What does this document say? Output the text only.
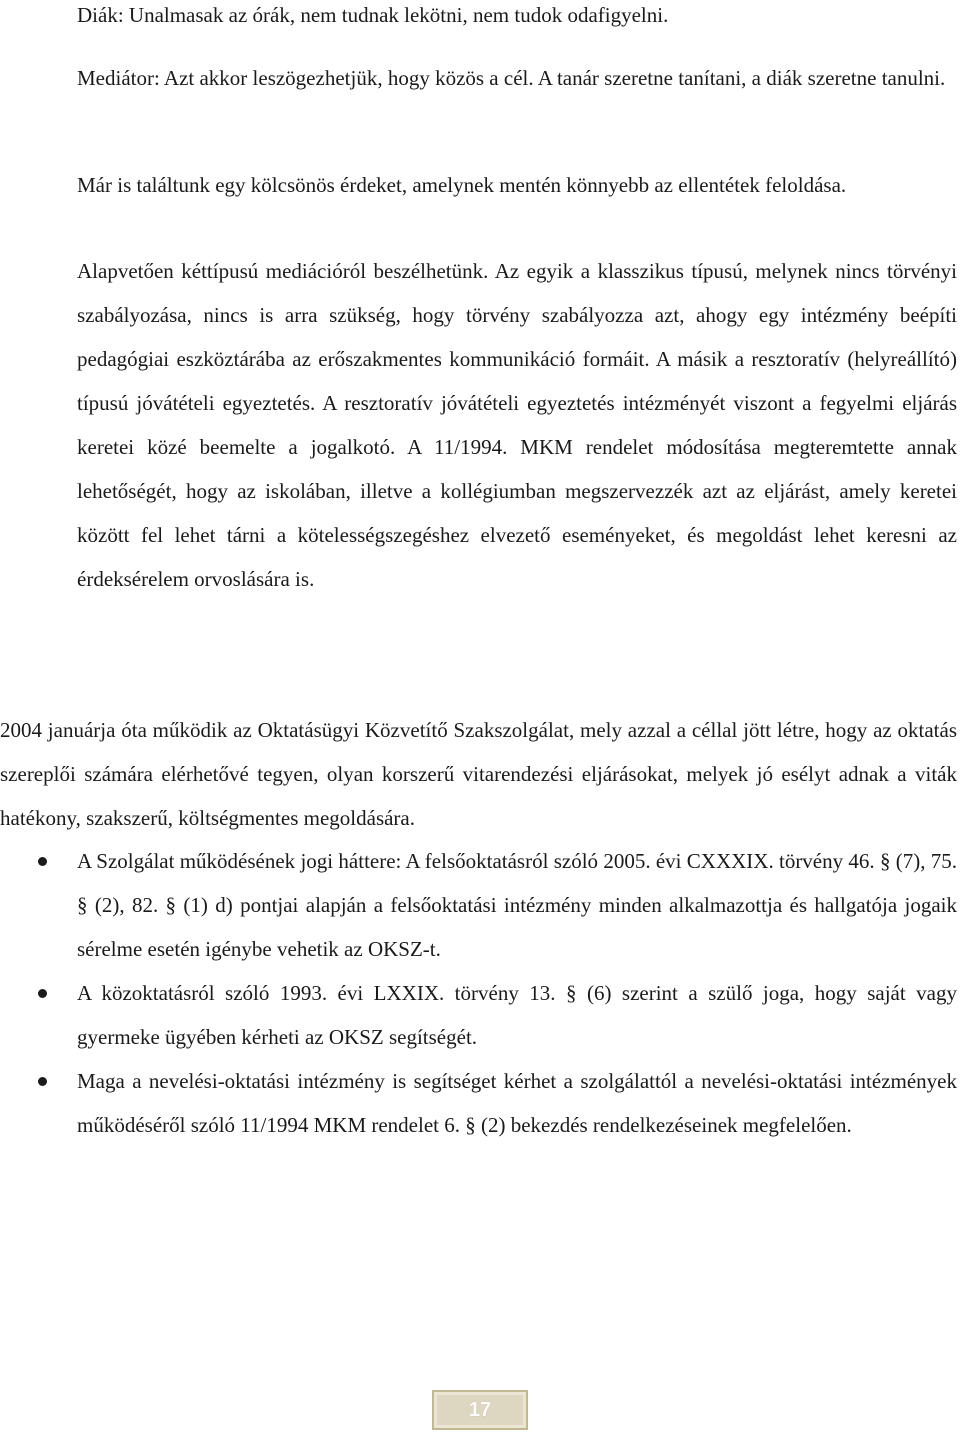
Diák: Unalmasak az órák, nem tudnak lekötni, nem tudok odafigyelni.

Mediátor: Azt akkor leszögezhetjük, hogy közös a cél. A tanár szeretne tanítani, a diák szeretne tanulni.

Már is találtunk egy kölcsönös érdeket, amelynek mentén könnyebb az ellentétek feloldása.

Alapvetően kéttípusú mediációról beszélhetünk. Az egyik a klasszikus típusú, melynek nincs törvényi szabályozása, nincs is arra szükség, hogy törvény szabályozza azt, ahogy egy intézmény beépíti pedagógiai eszköztárába az erőszakmentes kommunikáció formáit. A másik a resztoratív (helyreállító) típusú jóvátételi egyeztetés. A resztoratív jóvátételi egyeztetés intézményét viszont a fegyelmi eljárás keretei közé beemelte a jogalkotó. A 11/1994. MKM rendelet módosítása megteremtette annak lehetőségét, hogy az iskolában, illetve a kollégiumban megszervezzék azt az eljárást, amely keretei között fel lehet tárni a kötelességszegéshez elvezető eseményeket, és megoldást lehet keresni az érdeksérelem orvoslására is.

2004 januárja óta működik az Oktatásügyi Közvetítő Szakszolgálat, mely azzal a céllal jött létre, hogy az oktatás szereplői számára elérhetővé tegyen, olyan korszerű vitarendezési eljárásokat, melyek jó esélyt adnak a viták hatékony, szakszerű, költségmentes megoldására.

A Szolgálat működésének jogi háttere: A felsőoktatásról szóló 2005. évi CXXXIX. törvény 46. § (7), 75. § (2), 82. § (1) d) pontjai alapján a felsőoktatási intézmény minden alkalmazottja és hallgatója jogaik sérelme esetén igénybe vehetik az OKSZ-t.
A közoktatásról szóló 1993. évi LXXIX. törvény 13. § (6) szerint a szülő joga, hogy saját vagy gyermeke ügyében kérheti az OKSZ segítségét.
Maga a nevelési-oktatási intézmény is segítséget kérhet a szolgálattól a nevelési-oktatási intézmények működéséről szóló 11/1994 MKM rendelet 6. § (2) bekezdés rendelkezéseinek megfelelően.
17
